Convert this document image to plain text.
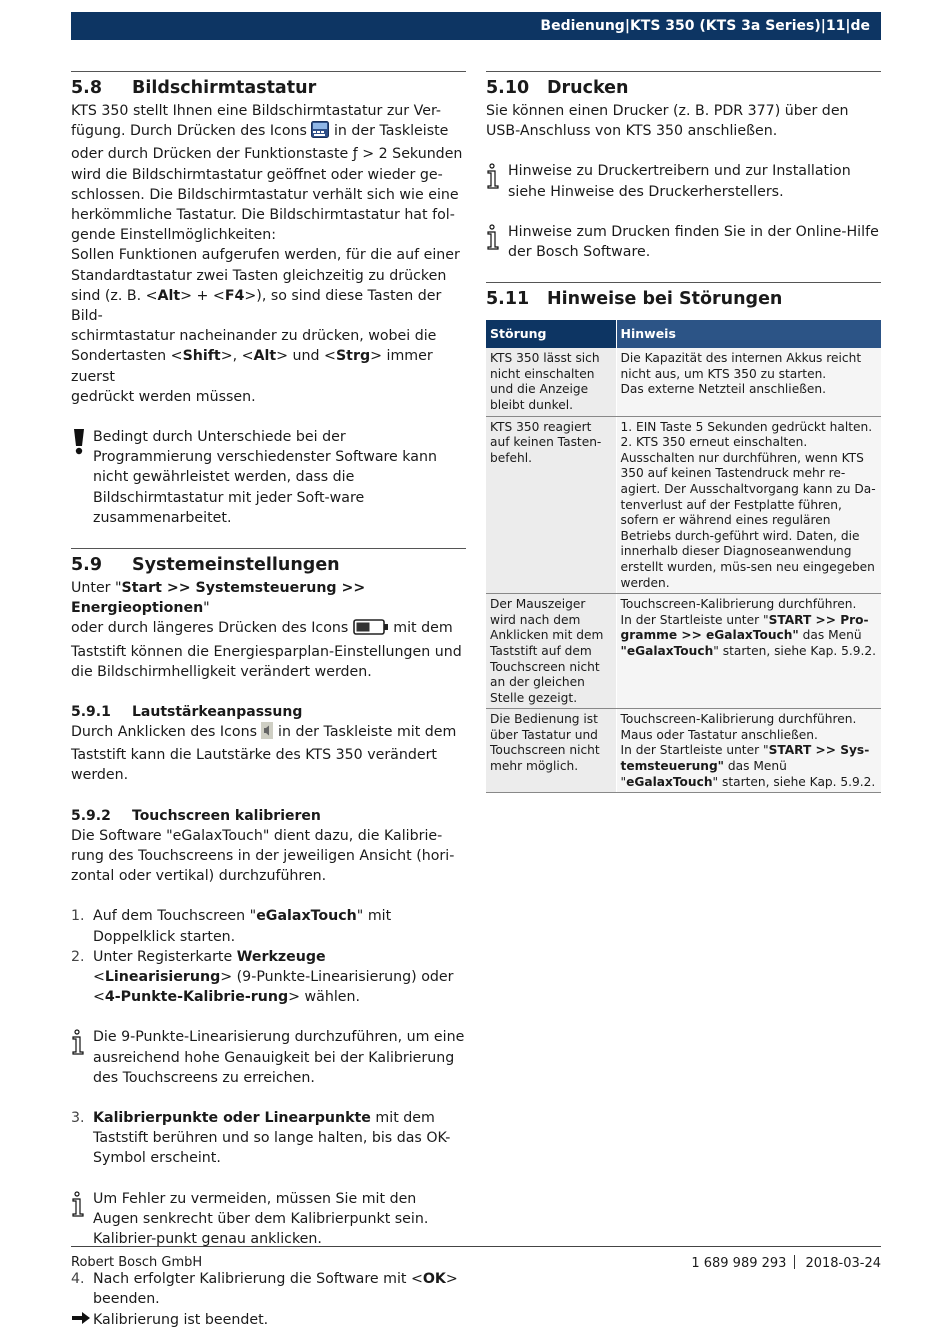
Bedienung | KTS 350 (KTS 3a Series) | 11 | de
5.8	Bildschirmtastatur
KTS 350 stellt Ihnen eine Bildschirmtastatur zur Ver-
fügung. Durch Drücken des Icons in der Taskleiste
oder durch Drücken der Funktionstaste ƒ > 2 Sekunden
wird die Bildschirmtastatur geöffnet oder wieder ge-
schlossen. Die Bildschirmtastatur verhält sich wie eine
herkömmliche Tastatur. Die Bildschirmtastatur hat fol-
gende Einstellmöglichkeiten:
Sollen Funktionen aufgerufen werden, für die auf einer
Standardtastatur zwei Tasten gleichzeitig zu drücken
sind (z. B. <Alt> + <F4>), so sind diese Tasten der Bild-
schirmtastatur nacheinander zu drücken, wobei die
Sondertasten <Shift>, <Alt> und <Strg> immer zuerst
gedrückt werden müssen.
Bedingt durch Unterschiede bei der Programmierung verschiedenster Software kann nicht gewährleistet werden, dass die Bildschirmtastatur mit jeder Soft-ware zusammenarbeitet.
5.9	Systemeinstellungen
Unter "Start >> Systemsteuerung >> Energieoptionen"
oder durch längeres Drücken des Icons	mit dem
Taststift können die Energiesparplan-Einstellungen und
die Bildschirmhelligkeit verändert werden.
5.9.1	Lautstärkeanpassung
Durch Anklicken des Icons in der Taskleiste mit dem
Taststift kann die Lautstärke des KTS 350 verändert
werden.
5.9.2	Touchscreen kalibrieren
Die Software "eGalaxTouch" dient dazu, die Kalibrie-
rung des Touchscreens in der jeweiligen Ansicht (hori-
zontal oder vertikal) durchzuführen.
1. Auf dem Touchscreen "eGalaxTouch" mit Doppelklick starten.
2. Unter Registerkarte Werkzeuge <Linearisierung> (9-Punkte-Linearisierung) oder <4-Punkte-Kalibrie-rung> wählen.
Die 9-Punkte-Linearisierung durchzuführen, um eine ausreichend hohe Genauigkeit bei der Kalibrierung des Touchscreens zu erreichen.
3. Kalibrierpunkte oder Linearpunkte mit dem Taststift berühren und so lange halten, bis das OK-Symbol erscheint.
Um Fehler zu vermeiden, müssen Sie mit den Augen senkrecht über dem Kalibrierpunkt sein. Kalibrier-punkt genau anklicken.
4. Nach erfolgter Kalibrierung die Software mit <OK> beenden.
Kalibrierung ist beendet.
5.10	Drucken
Sie können einen Drucker (z. B. PDR 377) über den USB-Anschluss von KTS 350 anschließen.
Hinweise zu Druckertreibern und zur Installation siehe Hinweise des Druckerherstellers.
Hinweise zum Drucken finden Sie in der Online-Hilfe der Bosch Software.
5.11	Hinweise bei Störungen
Störung	Hinweis
KTS 350 lässt sich nicht einschalten und die Anzeige bleibt dunkel.	Die Kapazität des internen Akkus reicht nicht aus, um KTS 350 zu starten.
Das externe Netzteil anschließen.
KTS 350 reagiert auf keinen Tasten-befehl.	1. EIN Taste 5 Sekunden gedrückt halten.
2. KTS 350 erneut einschalten.
Ausschalten nur durchführen, wenn KTS 350 auf keinen Tastendruck mehr re-agiert. Der Ausschaltvorgang kann zu Da-tenverlust auf der Festplatte führen, sofern er während eines regulären Betriebs durch-geführt wird. Daten, die innerhalb dieser Diagnoseanwendung erstellt wurden, müs-sen neu eingegeben werden.
Der Mauszeiger wird nach dem Anklicken mit dem Taststift auf dem Touchscreen nicht an der gleichen Stelle gezeigt.	Touchscreen-Kalibrierung durchführen.
In der Startleiste unter "START >> Pro-gramme >> eGalaxTouch" das Menü "eGalaxTouch" starten, siehe Kap. 5.9.2.

Die Bedienung ist über Tastatur und Touchscreen nicht mehr möglich.	Touchscreen-Kalibrierung durchführen.
Maus oder Tastatur anschließen.
In der Startleiste unter "START >> Sys-temsteuerung" das Menü "eGalaxTouch" starten, siehe Kap. 5.9.2.
Robert Bosch GmbH	1 689 989 293 2018-03-24
